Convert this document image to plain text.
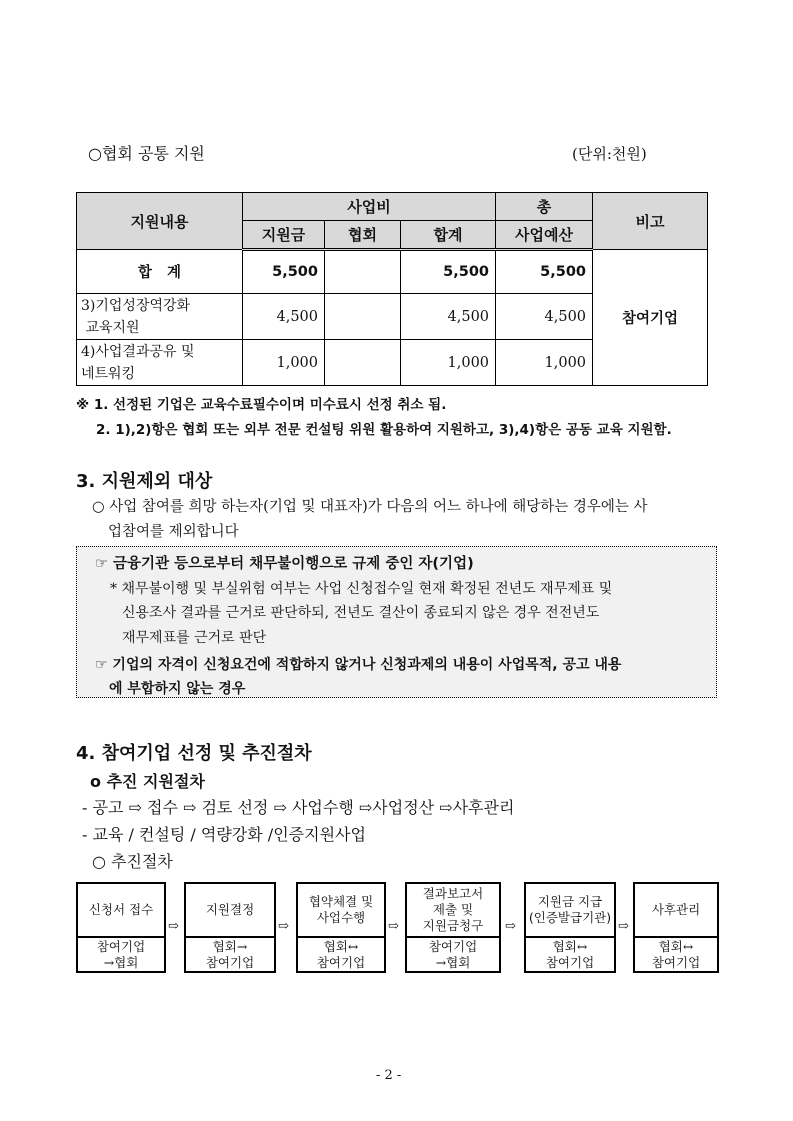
○협회 공통 지원	(단위:천원)
지원내용	사업비			총	비고
	지원금	협회	합계	사업예산	
합   계	5,500		5,500	5,500	참여기업

3)기업성장역강화
교육지원	4,500		4,500	4,500	

4)사업결과공유 및
네트워킹	1,000		1,000	1,000	
※ 1. 선정된 기업은 교육수료필수이며 미수료시 선정 취소 됨.
2. 1),2)항은 협회 또는 외부 전문 컨설팅 위원 활용하여 지원하고, 3),4)항은 공동 교육 지원함.
3. 지원제외 대상
○ 사업 참여를 희망 하는자(기업 및 대표자)가 다음의 어느 하나에 해당하는 경우에는 사
업참여를 제외합니다
☞ 금융기관 등으로부터 채무불이행으로 규제 중인 자(기업)
* 채무불이행 및 부실위험 여부는 사업 신청접수일 현재 확정된 전년도 재무제표 및
신용조사 결과를 근거로 판단하되, 전년도 결산이 종료되지 않은 경우 전전년도
재무제표를 근거로 판단
☞ 기업의 자격이 신청요건에 적합하지 않거나 신청과제의 내용이 사업목적, 공고 내용
에 부합하지 않는 경우
4. 참여기업 선정 및 추진절차
o 추진 지원절차
- 공고 ⇨ 접수 ⇨ 검토 선정 ⇨ 사업수행 ⇨사업정산 ⇨사후관리
- 교육 / 컨설팅 / 역량강화 /인증지원사업
○ 추진절차
신청서 접수
참여기업
→협회
⇨
지원결정
협회→
참여기업
⇨
협약체결 및
사업수행
협회↔
참여기업
⇨
결과보고서
제출 및
지원금청구
참여기업
→협회
⇨
지원금 지급
(인증발급기관)
협회↔
참여기업
⇨
사후관리
협회↔
참여기업
- 2 -
